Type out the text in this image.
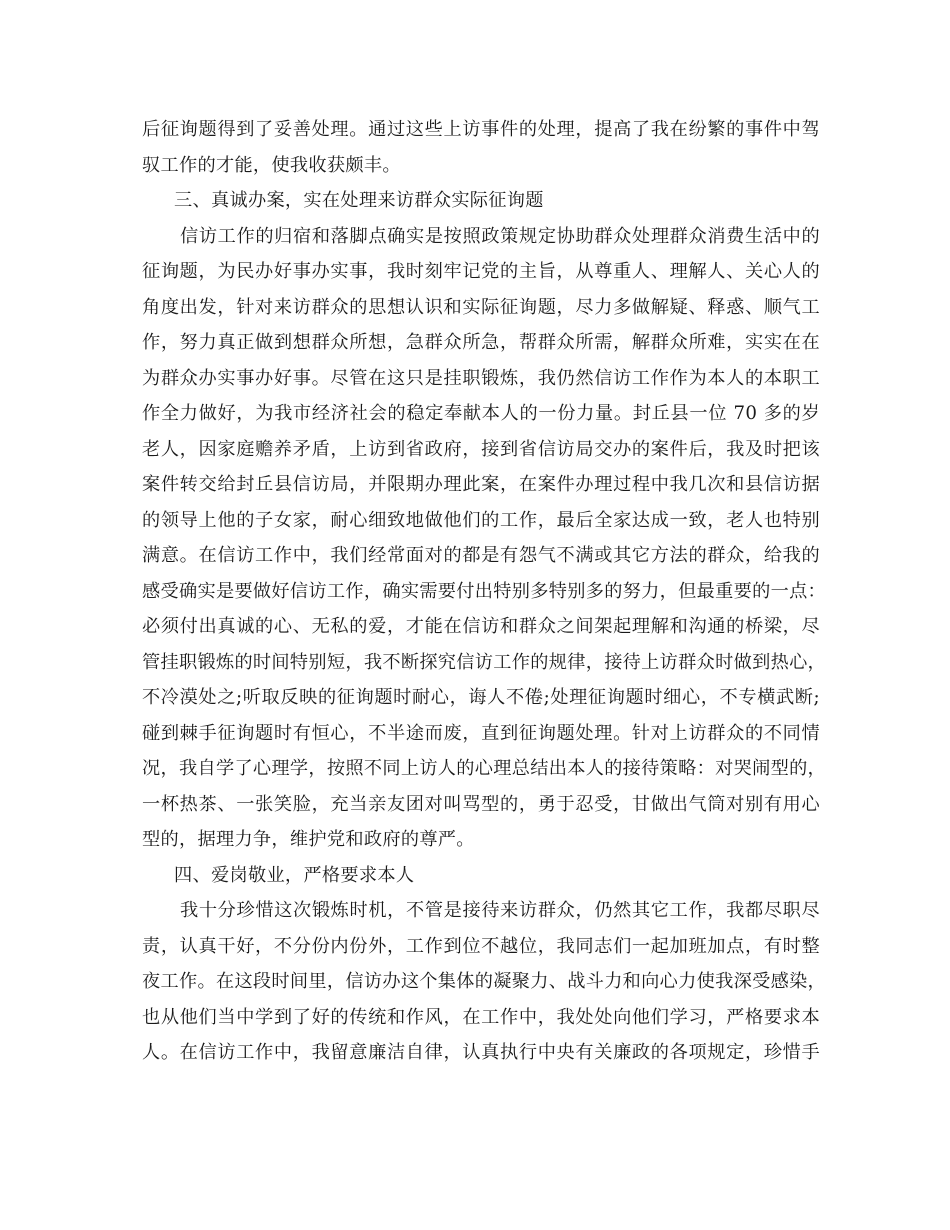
后征询题得到了妥善处理。通过这些上访事件的处理，提高了我在纷繁的事件中驾
驭工作的才能，使我收获颇丰。
三、真诚办案，实在处理来访群众实际征询题
信访工作的归宿和落脚点确实是按照政策规定协助群众处理群众消费生活中的
征询题，为民办好事办实事，我时刻牢记党的主旨，从尊重人、理解人、关心人的
角度出发，针对来访群众的思想认识和实际征询题，尽力多做解疑、释惑、顺气工
作，努力真正做到想群众所想，急群众所急，帮群众所需，解群众所难，实实在在
为群众办实事办好事。尽管在这只是挂职锻炼，我仍然信访工作作为本人的本职工
作全力做好，为我市经济社会的稳定奉献本人的一份力量。封丘县一位 70 多的岁
老人，因家庭赡养矛盾，上访到省政府，接到省信访局交办的案件后，我及时把该
案件转交给封丘县信访局，并限期办理此案，在案件办理过程中我几次和县信访据
的领导上他的子女家，耐心细致地做他们的工作，最后全家达成一致，老人也特别
满意。在信访工作中，我们经常面对的都是有怨气不满或其它方法的群众，给我的
感受确实是要做好信访工作，确实需要付出特别多特别多的努力，但最重要的一点：
必须付出真诚的心、无私的爱，才能在信访和群众之间架起理解和沟通的桥梁，尽
管挂职锻炼的时间特别短，我不断探究信访工作的规律，接待上访群众时做到热心，
不冷漠处之;听取反映的征询题时耐心，诲人不倦;处理征询题时细心，不专横武断;
碰到棘手征询题时有恒心，不半途而废，直到征询题处理。针对上访群众的不同情
况，我自学了心理学，按照不同上访人的心理总结出本人的接待策略：对哭闹型的，
一杯热茶、一张笑脸，充当亲友团对叫骂型的，勇于忍受，甘做出气筒对别有用心
型的，据理力争，维护党和政府的尊严。
四、爱岗敬业，严格要求本人
我十分珍惜这次锻炼时机，不管是接待来访群众，仍然其它工作，我都尽职尽
责，认真干好，不分份内份外，工作到位不越位，我同志们一起加班加点，有时整
夜工作。在这段时间里，信访办这个集体的凝聚力、战斗力和向心力使我深受感染，
也从他们当中学到了好的传统和作风，在工作中，我处处向他们学习，严格要求本
人。在信访工作中，我留意廉洁自律，认真执行中央有关廉政的各项规定，珍惜手
